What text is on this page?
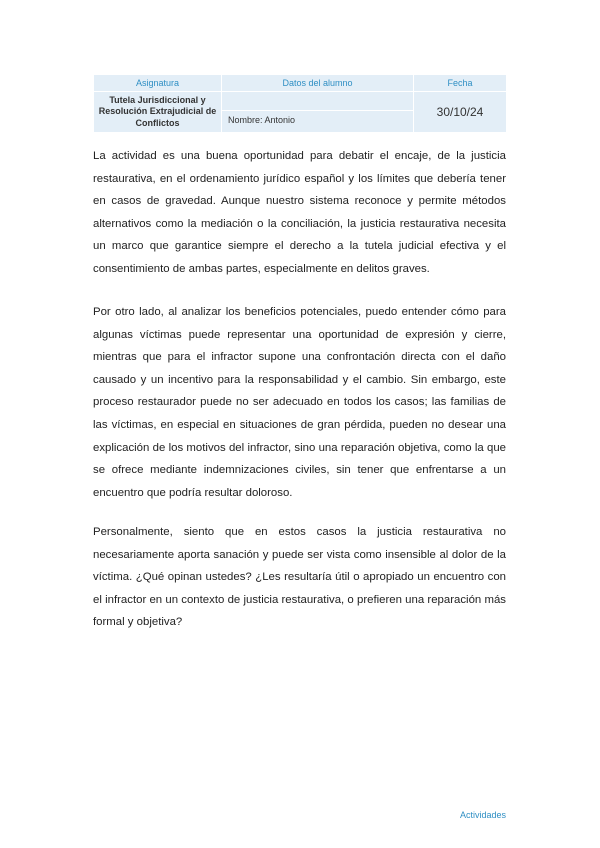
Asignatura	Datos del alumno	Fecha
Tutela Jurisdiccional y Resolución Extrajudicial de Conflictos		30/10/24
	Nombre: Antonio	

La actividad es una buena oportunidad para debatir el encaje, de la justicia restaurativa, en el ordenamiento jurídico español y los límites que debería tener en casos de gravedad. Aunque nuestro sistema reconoce y permite métodos alternativos como la mediación o la conciliación, la justicia restaurativa necesita un marco que garantice siempre el derecho a la tutela judicial efectiva y el consentimiento de ambas partes, especialmente en delitos graves.

Por otro lado, al analizar los beneficios potenciales, puedo entender cómo para algunas víctimas puede representar una oportunidad de expresión y cierre, mientras que para el infractor supone una confrontación directa con el daño causado y un incentivo para la responsabilidad y el cambio. Sin embargo, este proceso restaurador puede no ser adecuado en todos los casos; las familias de las víctimas, en especial en situaciones de gran pérdida, pueden no desear una explicación de los motivos del infractor, sino una reparación objetiva, como la que se ofrece mediante indemnizaciones civiles, sin tener que enfrentarse a un encuentro que podría resultar doloroso.

Personalmente, siento que en estos casos la justicia restaurativa no necesariamente aporta sanación y puede ser vista como insensible al dolor de la víctima. ¿Qué opinan ustedes? ¿Les resultaría útil o apropiado un encuentro con el infractor en un contexto de justicia restaurativa, o prefieren una reparación más formal y objetiva?

Actividades
